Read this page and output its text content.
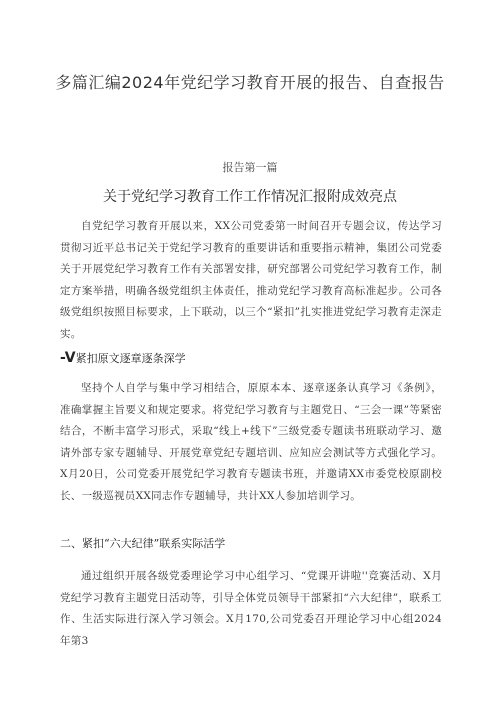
多篇汇编2024年党纪学习教育开展的报告、自查报告
报告第一篇
关于党纪学习教育工作工作情况汇报附成效亮点

自党纪学习教育开展以来，XX公司党委第一时间召开专题会议，传达学习贯彻习近平总书记关于党纪学习教育的重要讲话和重要指示精神，集团公司党委关于开展党纪学习教育工作有关部署安排，研究部署公司党纪学习教育工作，制定方案举措，明确各级党组织主体责任，推动党纪学习教育高标准起步。公司各级党组织按照目标要求，上下联动，以三个“紧扣”扎实推进党纪学习教育走深走实。

-V紧扣原文逐章逐条深学

坚持个人自学与集中学习相结合，原原本本、逐章逐条认真学习《条例》，准确掌握主旨要义和规定要求。将党纪学习教育与主题党日、“三会一课”等紧密结合，不断丰富学习形式，采取“线上+线下”三级党委专题读书班联动学习、邀请外部专家专题辅导、开展党章党纪专题培训、应知应会测试等方式强化学习。X月20日，公司党委开展党纪学习教育专题读书班，并邀请XX市委党校原副校长、一级巡视员XX同志作专题辅导，共计XX人参加培训学习。

二、紧扣“六大纪律”联系实际活学

通过组织开展各级党委理论学习中心组学习、“党课开讲啦''竞赛活动、X月党纪学习教育主题党日活动等，引导全体党员领导干部紧扣“六大纪律”，联系工作、生活实际进行深入学习领会。X月170,公司党委召开理论学习中心组2024年第3
